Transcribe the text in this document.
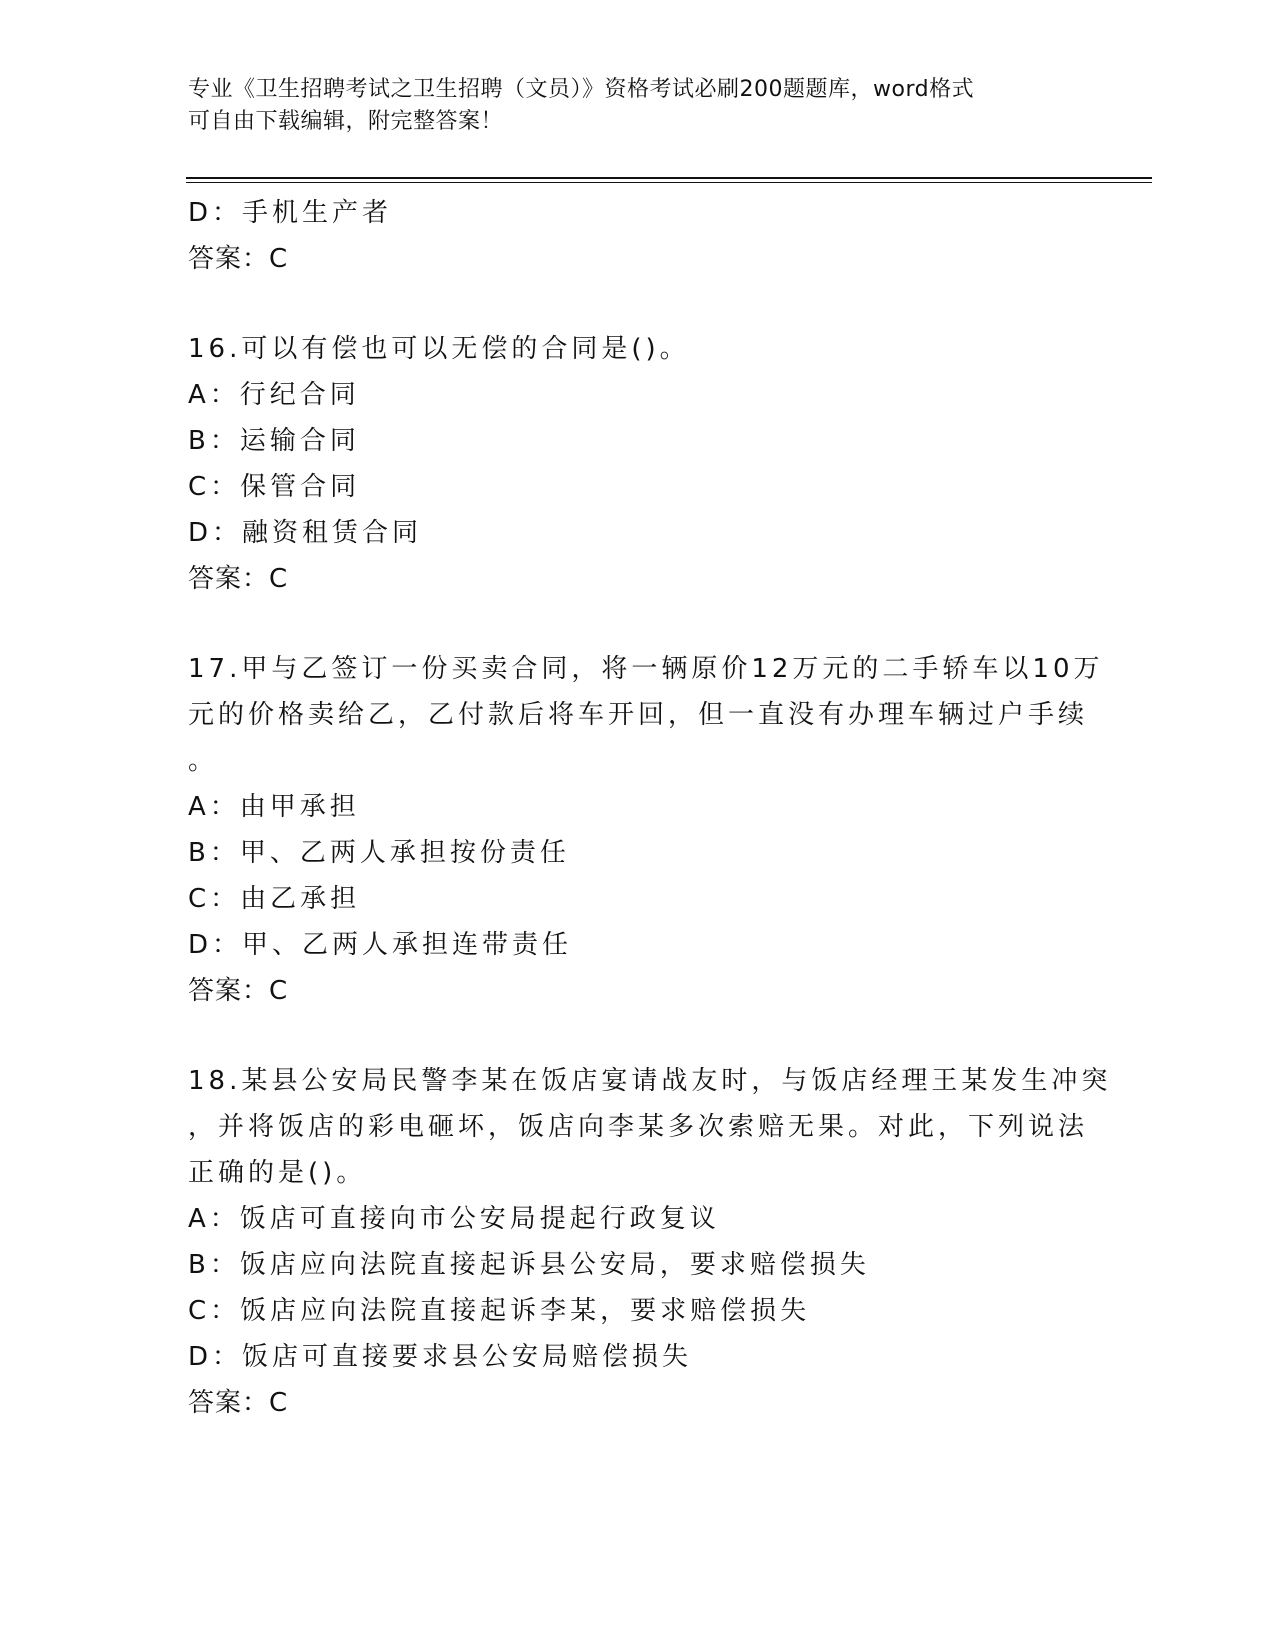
专业《卫生招聘考试之卫生招聘（文员）》资格考试必刷200题题库，word格式
可自由下载编辑，附完整答案！
D：手机生产者
答案：C
16.可以有偿也可以无偿的合同是()。
A：行纪合同
B：运输合同
C：保管合同
D：融资租赁合同
答案：C
17.甲与乙签订一份买卖合同，将一辆原价12万元的二手轿车以10万
元的价格卖给乙，乙付款后将车开回，但一直没有办理车辆过户手续
。
A：由甲承担
B：甲、乙两人承担按份责任
C：由乙承担
D：甲、乙两人承担连带责任
答案：C
18.某县公安局民警李某在饭店宴请战友时，与饭店经理王某发生冲突
，并将饭店的彩电砸坏，饭店向李某多次索赔无果。对此，下列说法
正确的是()。
A：饭店可直接向市公安局提起行政复议
B：饭店应向法院直接起诉县公安局，要求赔偿损失
C：饭店应向法院直接起诉李某，要求赔偿损失
D：饭店可直接要求县公安局赔偿损失
答案：C
